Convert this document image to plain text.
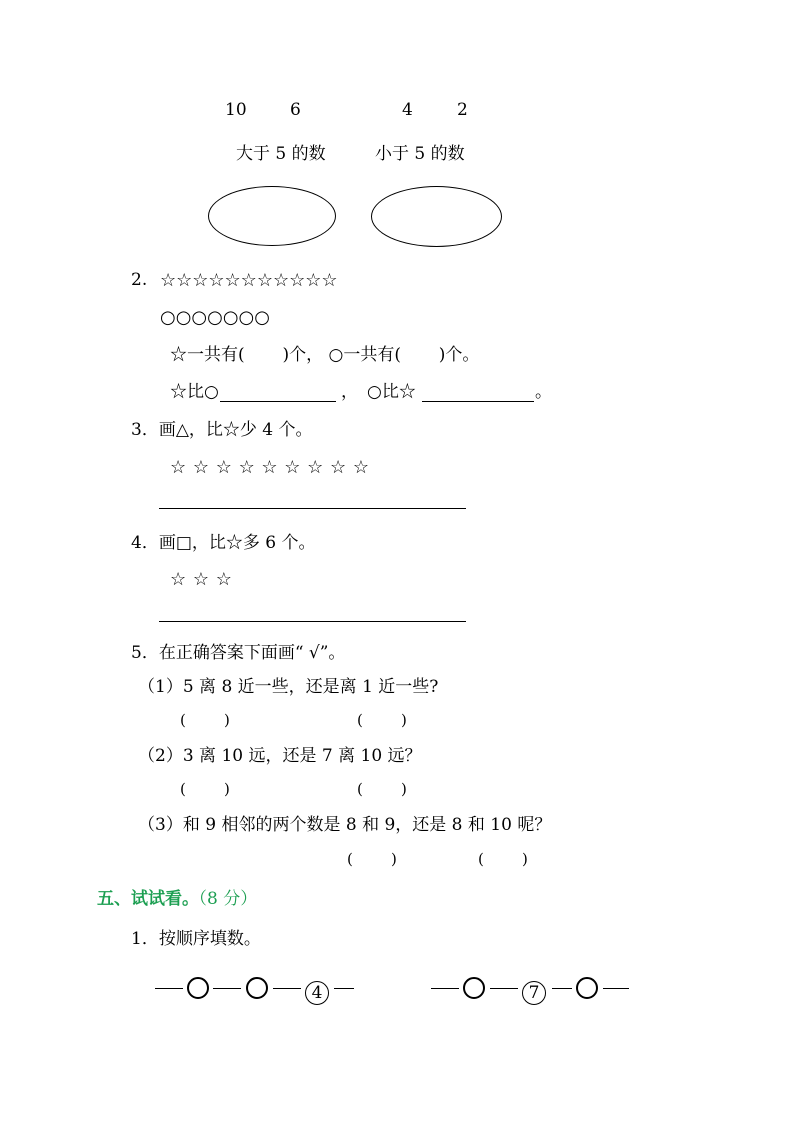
10	6	4	2
大于 5 的数	小于 5 的数
2. ☆☆☆☆☆☆☆☆☆☆☆
○○○○○○○
☆一共有(       )个， ○一共有(       )个。
☆比○	， ○比☆	。
3．画△，比☆少 4 个。
☆ ☆ ☆ ☆ ☆ ☆ ☆ ☆ ☆
4．画□，比☆多 6 个。
☆ ☆ ☆
5．在正确答案下面画“ √”。
（1）5 离 8 近一些，还是离 1 近一些?
(        )	(        )
（2）3 离 10 远，还是 7 离 10 远？
(        )	(        )
（3）和 9 相邻的两个数是 8 和 9，还是 8 和 10 呢？
(        )	(        )
五、试试看。
（8 分）
1．按顺序填数。
4	7
